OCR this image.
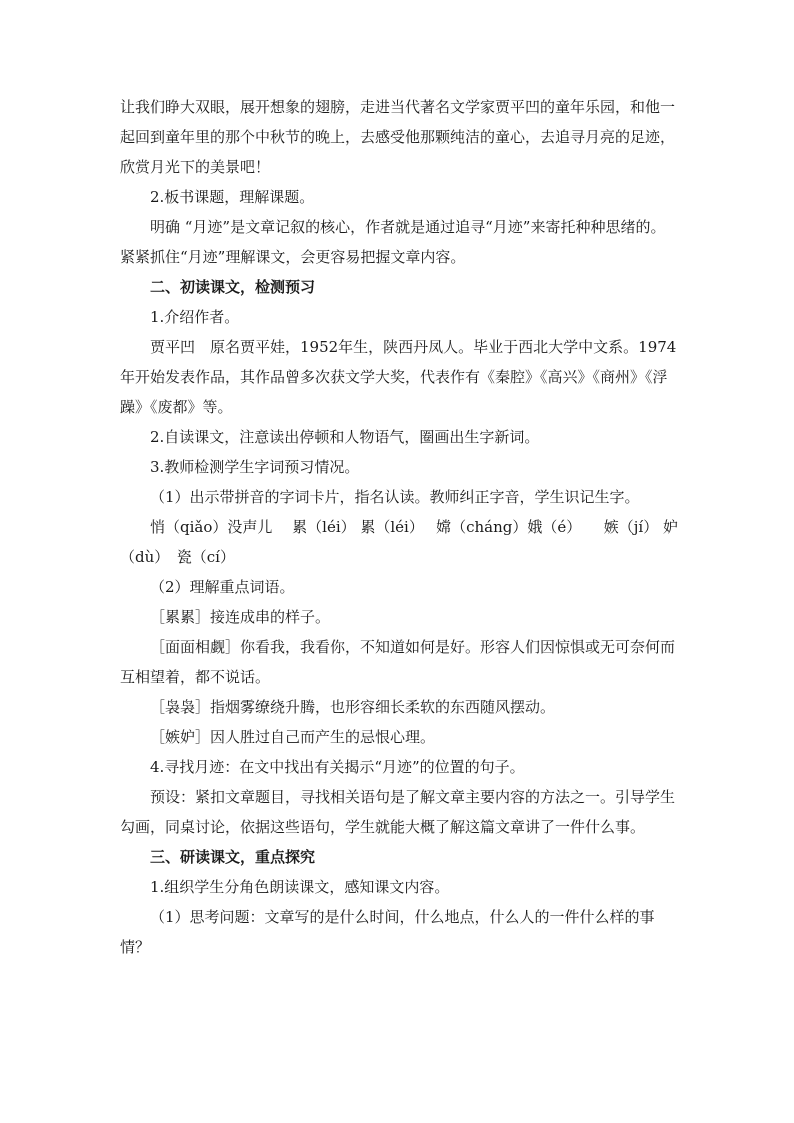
让我们睁大双眼，展开想象的翅膀，走进当代著名文学家贾平凹的童年乐园，和他一起回到童年里的那个中秋节的晚上，去感受他那颗纯洁的童心，去追寻月亮的足迹，欣赏月光下的美景吧！

2.板书课题，理解课题。

明确 “月迹”是文章记叙的核心，作者就是通过追寻“月迹”来寄托种种思绪的。紧紧抓住“月迹”理解课文，会更容易把握文章内容。

二、初读课文，检测预习

1.介绍作者。

贾平凹　原名贾平娃，1952年生，陕西丹凤人。毕业于西北大学中文系。1974年开始发表作品，其作品曾多次获文学大奖，代表作有《秦腔》《高兴》《商州》《浮躁》《废都》等。

2.自读课文，注意读出停顿和人物语气，圈画出生字新词。

3.教师检测学生字词预习情况。

（1）出示带拼音的字词卡片，指名认读。教师纠正字音，学生识记生字。

悄（qiǎo）没声儿　 累（léi） 累（léi）　 嫦（cháng）娥（é）　　嫉（jí） 妒（dù）　瓷（cí）

（2）理解重点词语。

［累累］接连成串的样子。

［面面相觑］你看我，我看你，不知道如何是好。形容人们因惊惧或无可奈何而互相望着，都不说话。

［袅袅］指烟雾缭绕升腾，也形容细长柔软的东西随风摆动。

［嫉妒］因人胜过自己而产生的忌恨心理。

4.寻找月迹：在文中找出有关揭示“月迹”的位置的句子。

预设：紧扣文章题目，寻找相关语句是了解文章主要内容的方法之一。引导学生勾画，同桌讨论，依据这些语句，学生就能大概了解这篇文章讲了一件什么事。

三、研读课文，重点探究

1.组织学生分角色朗读课文，感知课文内容。

（1）思考问题：文章写的是什么时间，什么地点，什么人的一件什么样的事情？
